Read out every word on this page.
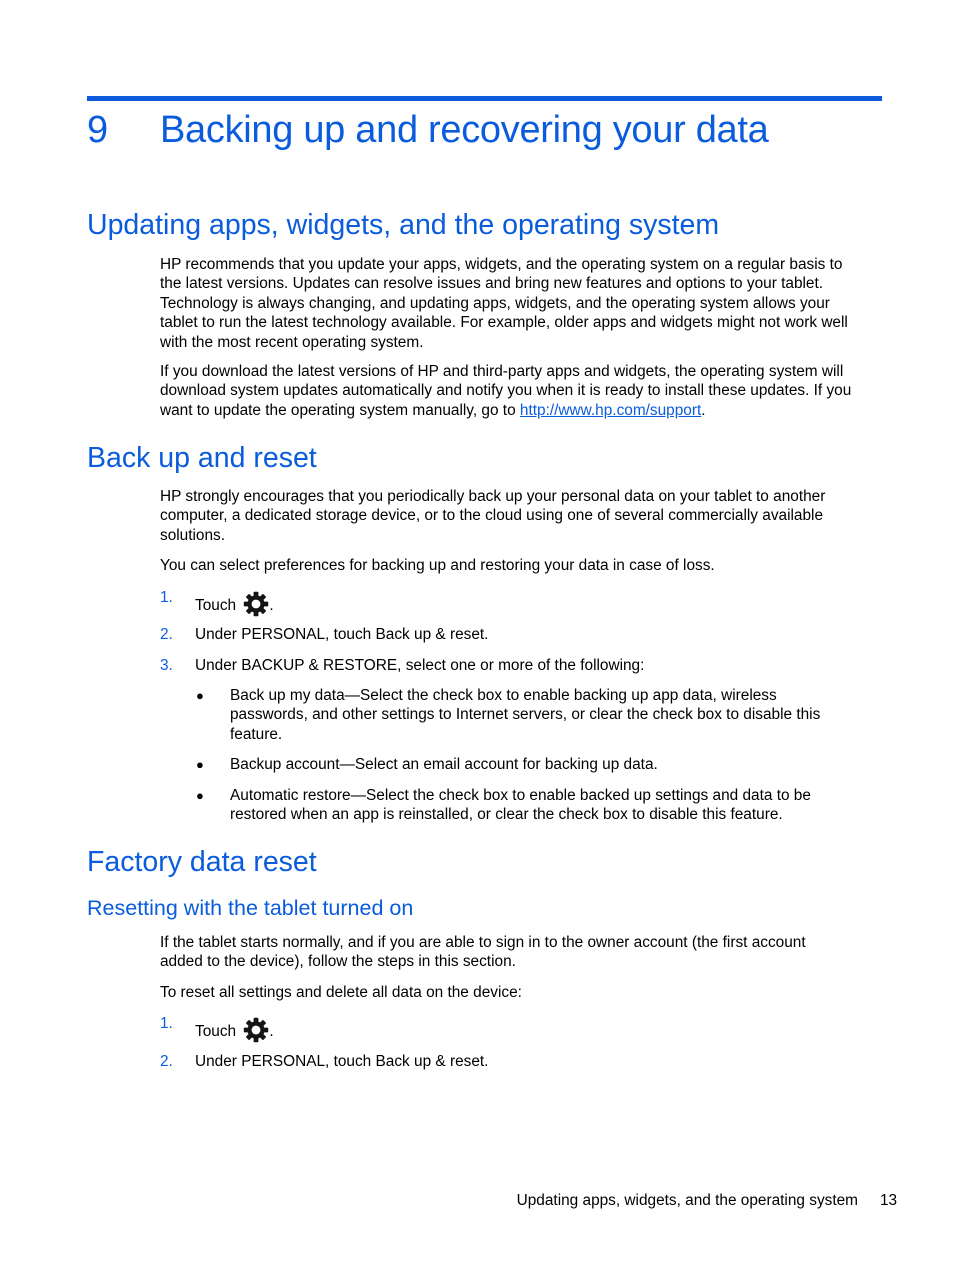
9 Backing up and recovering your data
Updating apps, widgets, and the operating system
HP recommends that you update your apps, widgets, and the operating system on a regular basis to
the latest versions. Updates can resolve issues and bring new features and options to your tablet.
Technology is always changing, and updating apps, widgets, and the operating system allows your
tablet to run the latest technology available. For example, older apps and widgets might not work well
with the most recent operating system.
If you download the latest versions of HP and third-party apps and widgets, the operating system will
download system updates automatically and notify you when it is ready to install these updates. If you
want to update the operating system manually, go to http://www.hp.com/support.
Back up and reset
HP strongly encourages that you periodically back up your personal data on your tablet to another
computer, a dedicated storage device, or to the cloud using one of several commercially available
solutions.
You can select preferences for backing up and restoring your data in case of loss.
1. Touch .
2. Under PERSONAL, touch Back up & reset.
3. Under BACKUP & RESTORE, select one or more of the following:
● Back up my data—Select the check box to enable backing up app data, wireless
passwords, and other settings to Internet servers, or clear the check box to disable this
feature.
● Backup account—Select an email account for backing up data.
● Automatic restore—Select the check box to enable backed up settings and data to be
restored when an app is reinstalled, or clear the check box to disable this feature.
Factory data reset
Resetting with the tablet turned on
If the tablet starts normally, and if you are able to sign in to the owner account (the first account
added to the device), follow the steps in this section.
To reset all settings and delete all data on the device:
1. Touch .
2. Under PERSONAL, touch Back up & reset.
Updating apps, widgets, and the operating system 13
